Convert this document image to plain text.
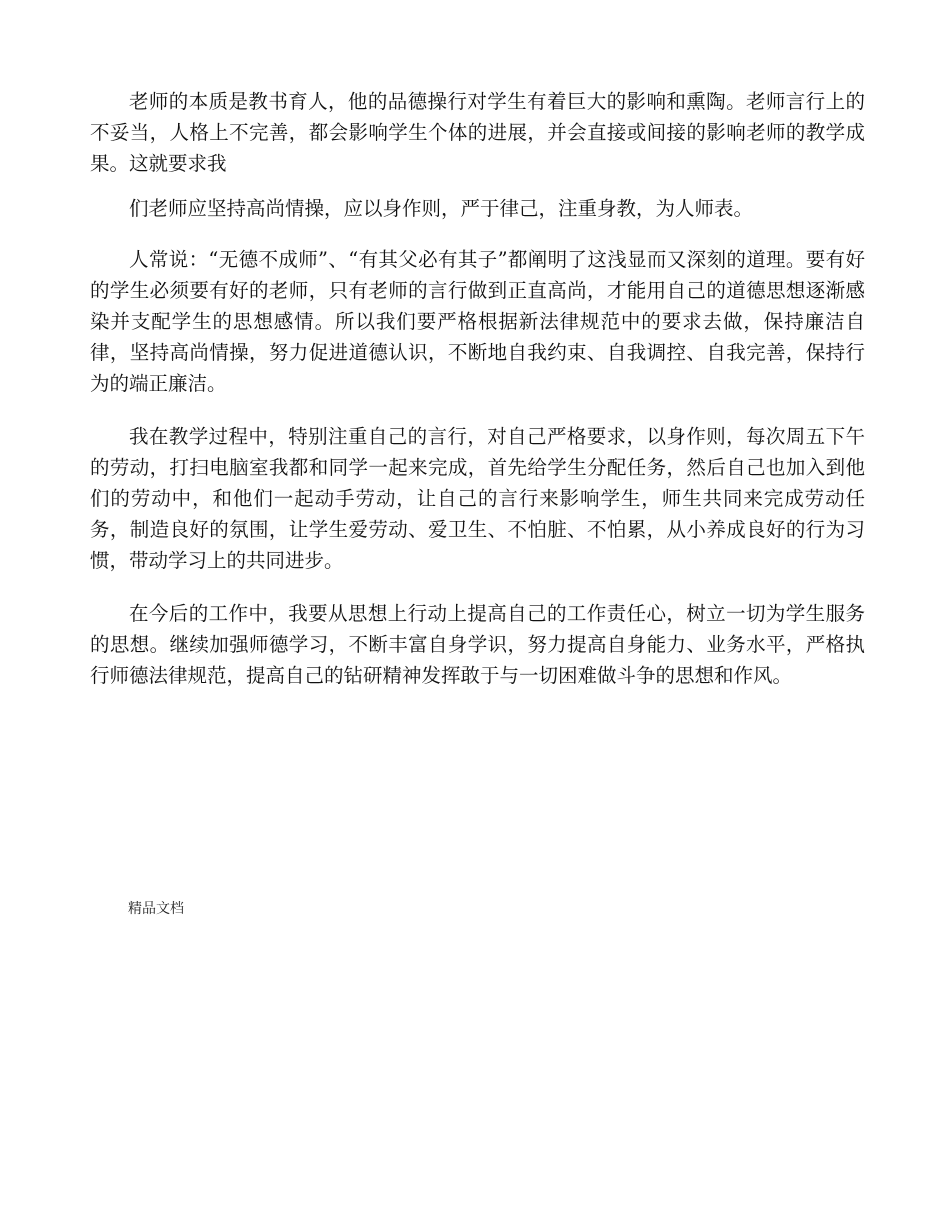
老师的本质是教书育人，他的品德操行对学生有着巨大的影响和熏陶。老师言行上的不妥当，人格上不完善，都会影响学生个体的进展，并会直接或间接的影响老师的教学成果。这就要求我

们老师应坚持高尚情操，应以身作则，严于律己，注重身教，为人师表。

人常说：“无德不成师”、“有其父必有其子”都阐明了这浅显而又深刻的道理。要有好的学生必须要有好的老师，只有老师的言行做到正直高尚，才能用自己的道德思想逐渐感染并支配学生的思想感情。所以我们要严格根据新法律规范中的要求去做，保持廉洁自律，坚持高尚情操，努力促进道德认识，不断地自我约束、自我调控、自我完善，保持行为的端正廉洁。

我在教学过程中，特别注重自己的言行，对自己严格要求，以身作则，每次周五下午的劳动，打扫电脑室我都和同学一起来完成，首先给学生分配任务，然后自己也加入到他们的劳动中，和他们一起动手劳动，让自己的言行来影响学生，师生共同来完成劳动任务，制造良好的氛围，让学生爱劳动、爱卫生、不怕脏、不怕累，从小养成良好的行为习惯，带动学习上的共同进步。

在今后的工作中，我要从思想上行动上提高自己的工作责任心，树立一切为学生服务的思想。继续加强师德学习，不断丰富自身学识，努力提高自身能力、业务水平，严格执行师德法律规范，提高自己的钻研精神发挥敢于与一切困难做斗争的思想和作风。

精品文档
